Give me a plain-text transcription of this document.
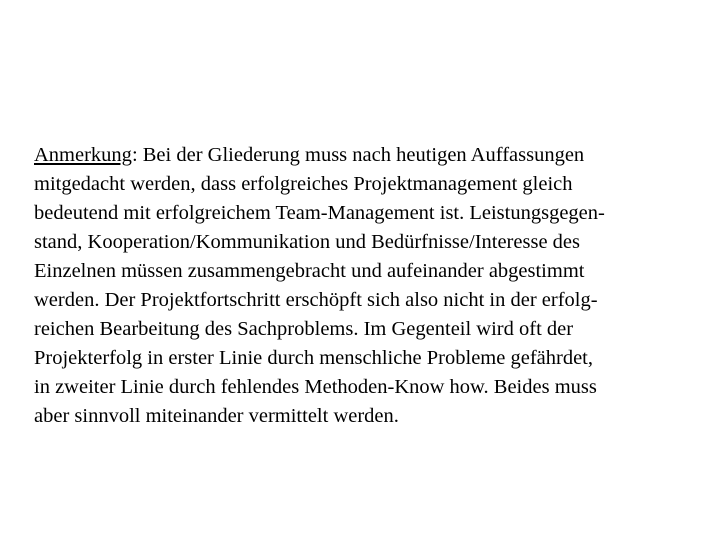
Anmerkung: Bei der Gliederung muss nach heutigen Auffassungen
mitgedacht werden, dass erfolgreiches Projektmanagement gleich
bedeutend mit erfolgreichem Team-Management ist. Leistungsgegen-
stand, Kooperation/Kommunikation und Bedürfnisse/Interesse des
Einzelnen müssen zusammengebracht und aufeinander abgestimmt
werden. Der Projektfortschritt erschöpft sich also nicht in der erfolg-
reichen Bearbeitung des Sachproblems. Im Gegenteil wird oft der
Projekterfolg in erster Linie durch menschliche Probleme gefährdet,
in zweiter Linie durch fehlendes Methoden-Know how. Beides muss
aber sinnvoll miteinander vermittelt werden.
